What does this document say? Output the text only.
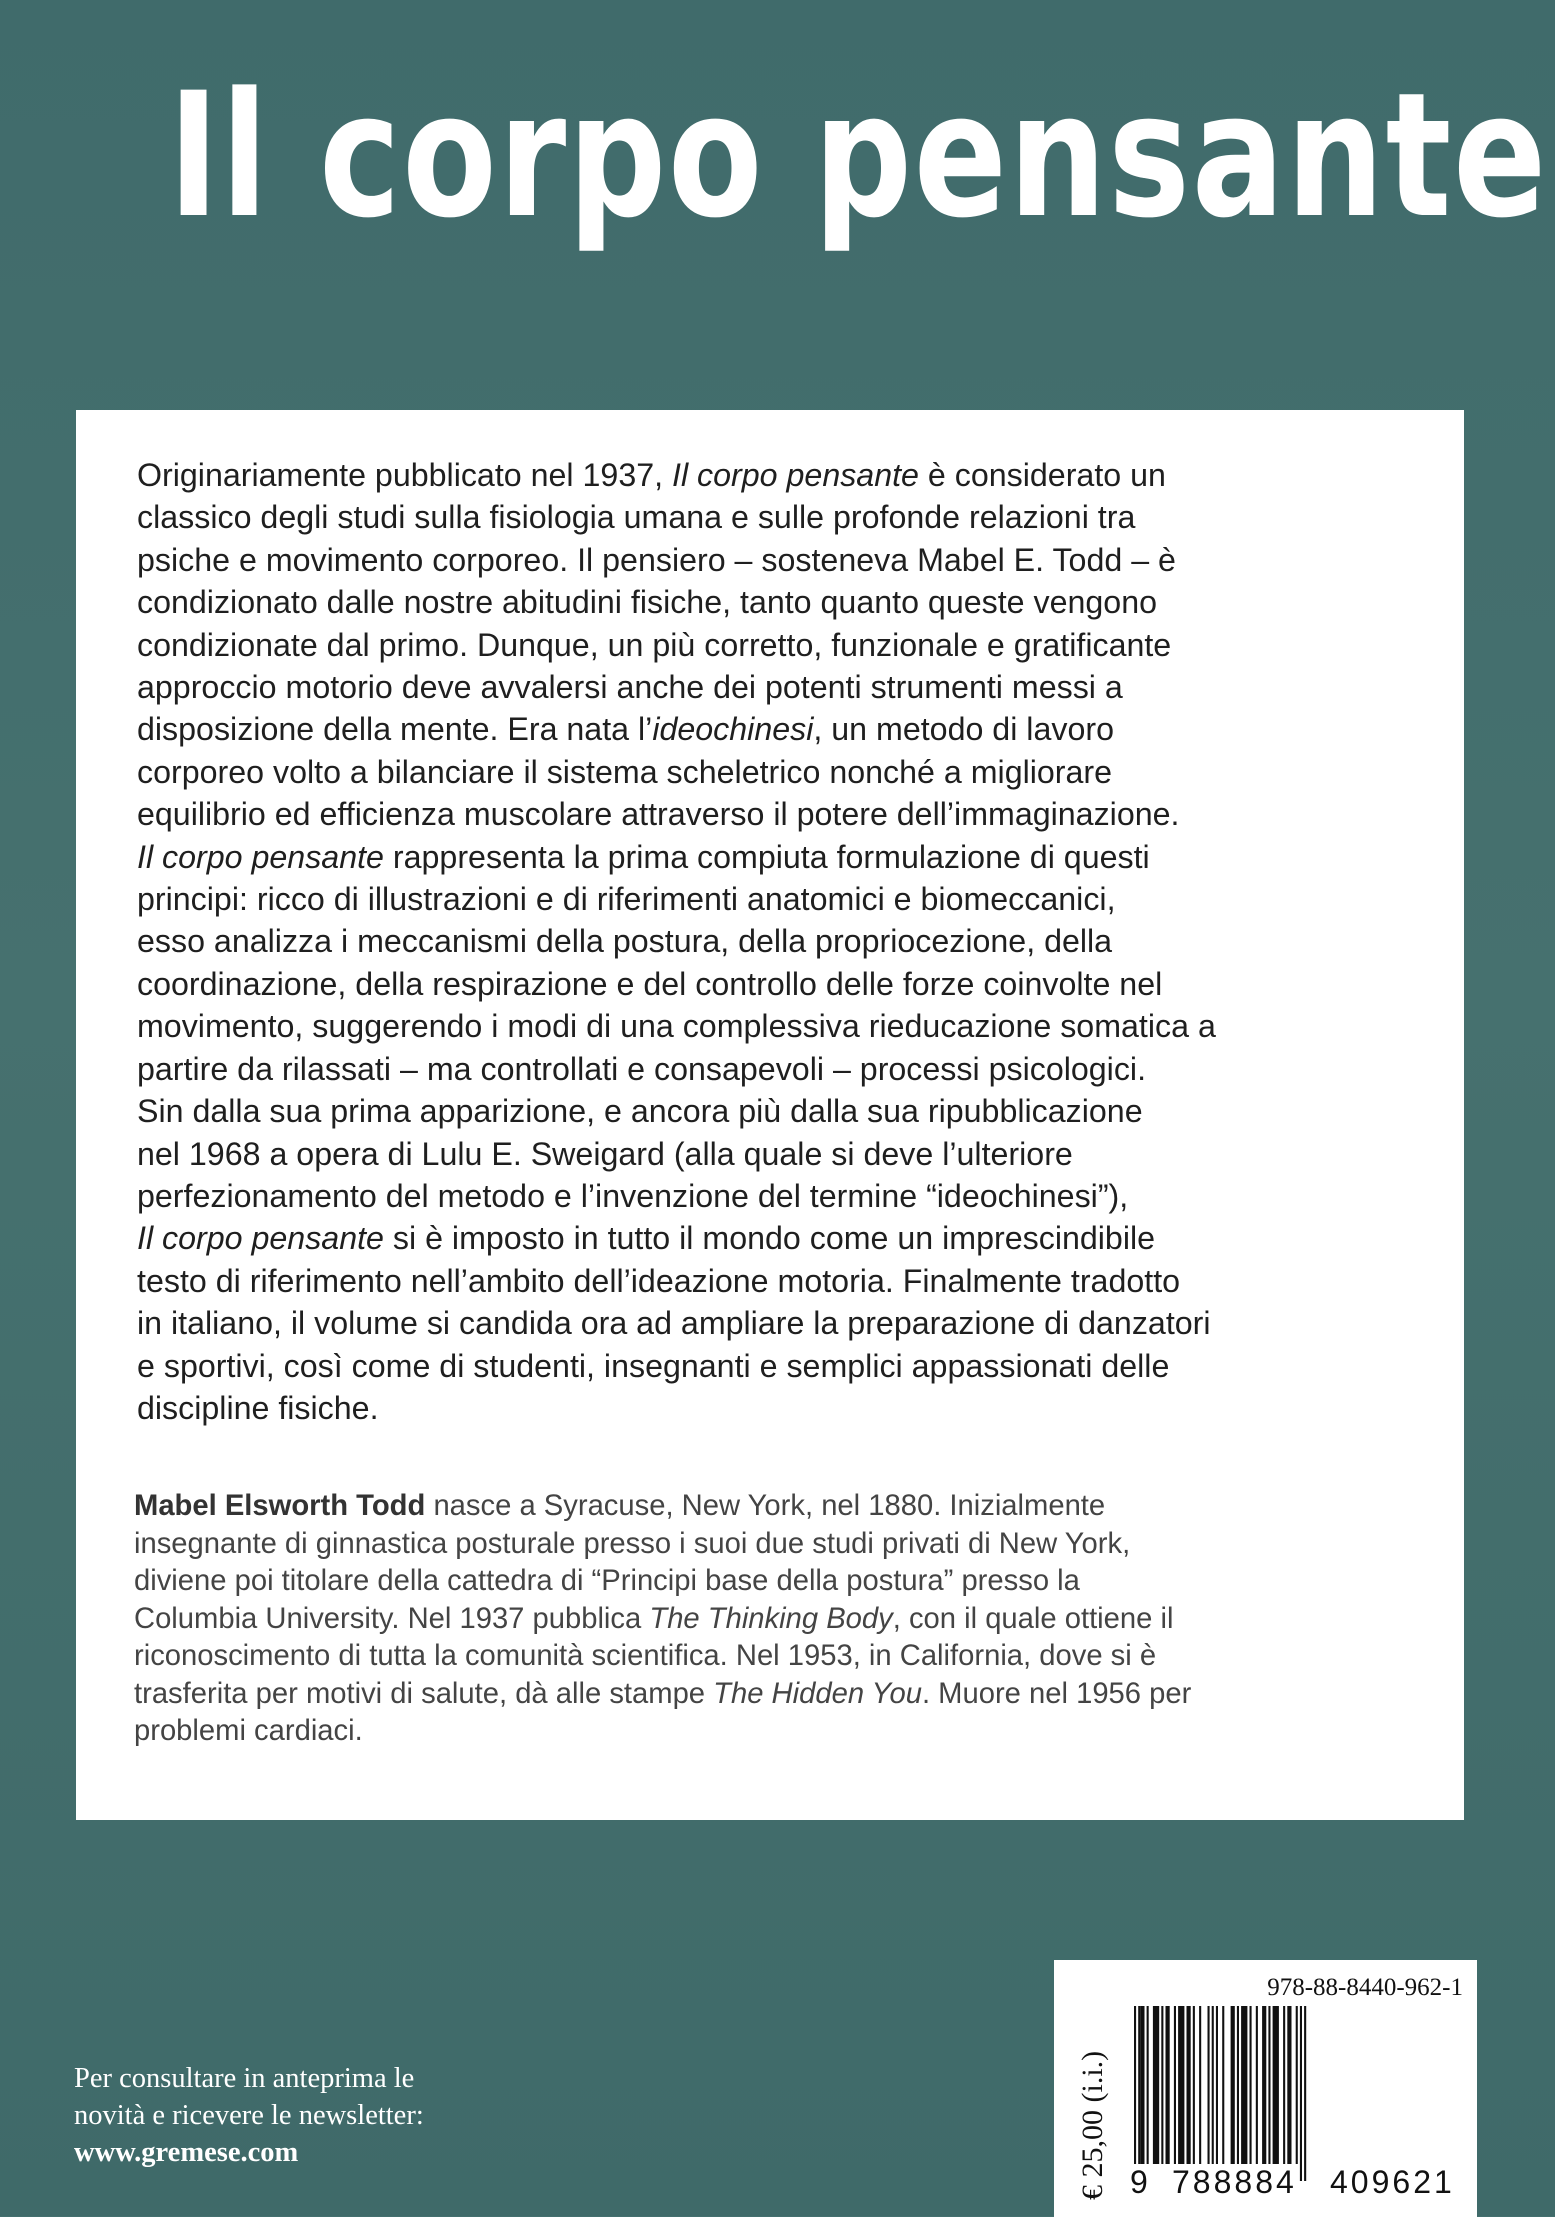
Il corpo pensante

Originariamente pubblicato nel 1937, Il corpo pensante è considerato un
classico degli studi sulla fisiologia umana e sulle profonde relazioni tra
psiche e movimento corporeo. Il pensiero – sosteneva Mabel E. Todd – è
condizionato dalle nostre abitudini fisiche, tanto quanto queste vengono
condizionate dal primo. Dunque, un più corretto, funzionale e gratificante
approccio motorio deve avvalersi anche dei potenti strumenti messi a
disposizione della mente. Era nata l’ideochinesi, un metodo di lavoro
corporeo volto a bilanciare il sistema scheletrico nonché a migliorare
equilibrio ed efficienza muscolare attraverso il potere dell’immaginazione.
Il corpo pensante rappresenta la prima compiuta formulazione di questi
principi: ricco di illustrazioni e di riferimenti anatomici e biomeccanici,
esso analizza i meccanismi della postura, della propriocezione, della
coordinazione, della respirazione e del controllo delle forze coinvolte nel
movimento, suggerendo i modi di una complessiva rieducazione somatica a
partire da rilassati – ma controllati e consapevoli – processi psicologici.
Sin dalla sua prima apparizione, e ancora più dalla sua ripubblicazione
nel 1968 a opera di Lulu E. Sweigard (alla quale si deve l’ulteriore
perfezionamento del metodo e l’invenzione del termine “ideochinesi”),
Il corpo pensante si è imposto in tutto il mondo come un imprescindibile
testo di riferimento nell’ambito dell’ideazione motoria. Finalmente tradotto
in italiano, il volume si candida ora ad ampliare la preparazione di danzatori
e sportivi, così come di studenti, insegnanti e semplici appassionati delle
discipline fisiche.

Mabel Elsworth Todd nasce a Syracuse, New York, nel 1880. Inizialmente
insegnante di ginnastica posturale presso i suoi due studi privati di New York,
diviene poi titolare della cattedra di “Principi base della postura” presso la
Columbia University. Nel 1937 pubblica The Thinking Body, con il quale ottiene il
riconoscimento di tutta la comunità scientifica. Nel 1953, in California, dove si è
trasferita per motivi di salute, dà alle stampe The Hidden You. Muore nel 1956 per
problemi cardiaci.

978-88-8440-962-1
€ 25,00 (i.i.) 9 788884 409621
Per consultare in anteprima le
novità e ricevere le newsletter:
www.gremese.com
